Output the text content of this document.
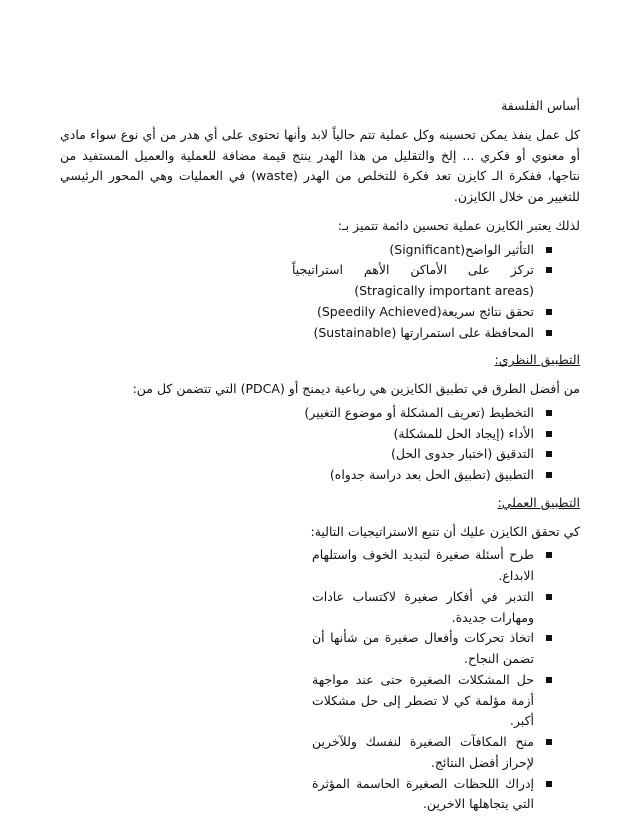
أساس الفلسفة

كل عمل ينفذ يمكن تحسينه وكل عملية تتم حالياً لابد وأنها تحتوى على أي هدر من أي نوع سواء مادي أو معنوي أو فكري ... إلخ والتقليل من هذا الهدر ينتج قيمة مضافة للعملية والعميل المستفيد من نتاجها، ففكرة الـ كايزن تعد فكرة للتخلص من الهدر (waste) في العمليات وهي المحور الرئيسي للتغيير من خلال الكايزن.

لذلك يعتبر الكايزن عملية تحسين دائمة تتميز بـ:

التأثير الواضح(Significant)
تركز على الأماكن الأهم استراتيجياً (Stragically important areas)
تحقق نتائج سريعة(Speedily Achieved)
المحافظة على استمرارتها (Sustainable)

التطبيق النظري:

من أفضل الطرق في تطبيق الكايزين هي رباعية ديمنج أو (PDCA) التي تتضمن كل من:

التخطيط (تعريف المشكلة أو موضوع التغيير)
الأداء (إيجاد الحل للمشكلة)
التدقيق (اختبار جدوى الحل)
التطبيق (تطبيق الحل بعد دراسة جدواه)

التطبيق العملي:

كي تحقق الكايزن عليك أن تتبع الاستراتيجيات التالية:

طرح أسئلة صغيرة لتبديد الخوف واستلهام الابداع.
التدبر في أفكار صغيرة لاكتساب عادات ومهارات جديدة.
اتخاذ تحركات وأفعال صغيرة من شأنها أن تضمن النجاح.
حل المشكلات الصغيرة حتى عند مواجهة أزمة مؤلمة كي لا تضطر إلى حل مشكلات أكبر.
منح المكافآت الصغيرة لنفسك وللآخرين لإحراز أفضل النتائج.
إدراك اللحظات الصغيرة الحاسمة المؤثرة التي يتجاهلها الاخرين.
